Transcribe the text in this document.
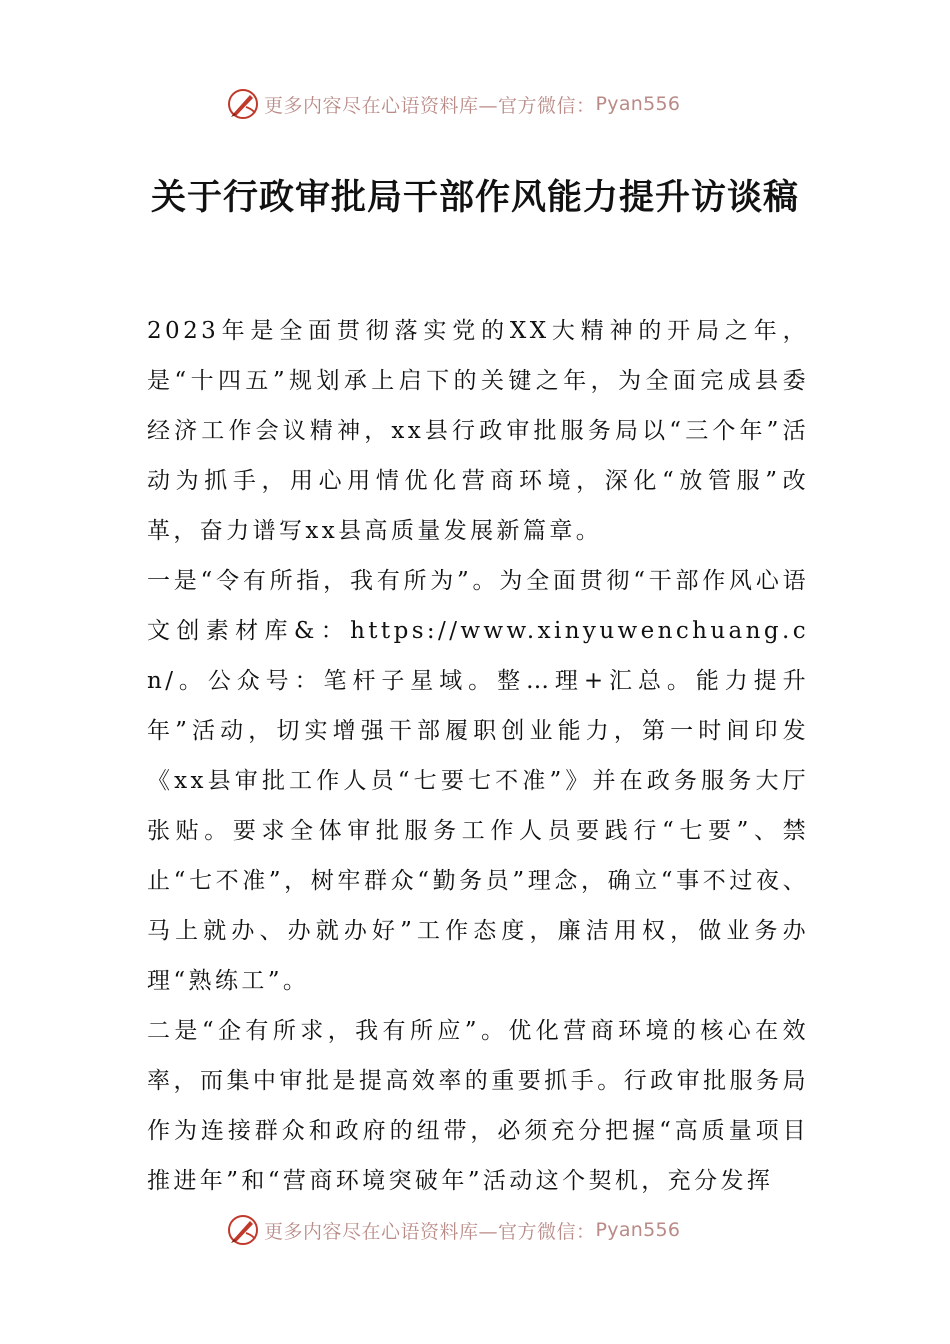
更多内容尽在心语资料库—官方微信： Pyan556
关于行政审批局干部作风能力提升访谈稿

2023年是全面贯彻落实党的XX大精神的开局之年，是“十四五”规划承上启下的关键之年，为全面完成县委经济工作会议精神，xx县行政审批服务局以“三个年”活动为抓手，用心用情优化营商环境，深化“放管服”改革，奋力谱写xx县高质量发展新篇章。

一是“令有所指，我有所为”。为全面贯彻“干部作风心语文创素材库&：https://www.xinyuwenchuang.cn/。公众号：笔杆子星域。整…理+汇总。能力提升年”活动，切实增强干部履职创业能力，第一时间印发《xx县审批工作人员“七要七不准”》并在政务服务大厅张贴。要求全体审批服务工作人员要践行“七要”、禁止“七不准”，树牢群众“勤务员”理念，确立“事不过夜、马上就办、办就办好”工作态度，廉洁用权，做业务办理“熟练工”。

二是“企有所求，我有所应”。优化营商环境的核心在效率，而集中审批是提高效率的重要抓手。行政审批服务局作为连接群众和政府的纽带，必须充分把握“高质量项目推进年”和“营商环境突破年”活动这个契机，充分发挥

更多内容尽在心语资料库—官方微信： Pyan556
